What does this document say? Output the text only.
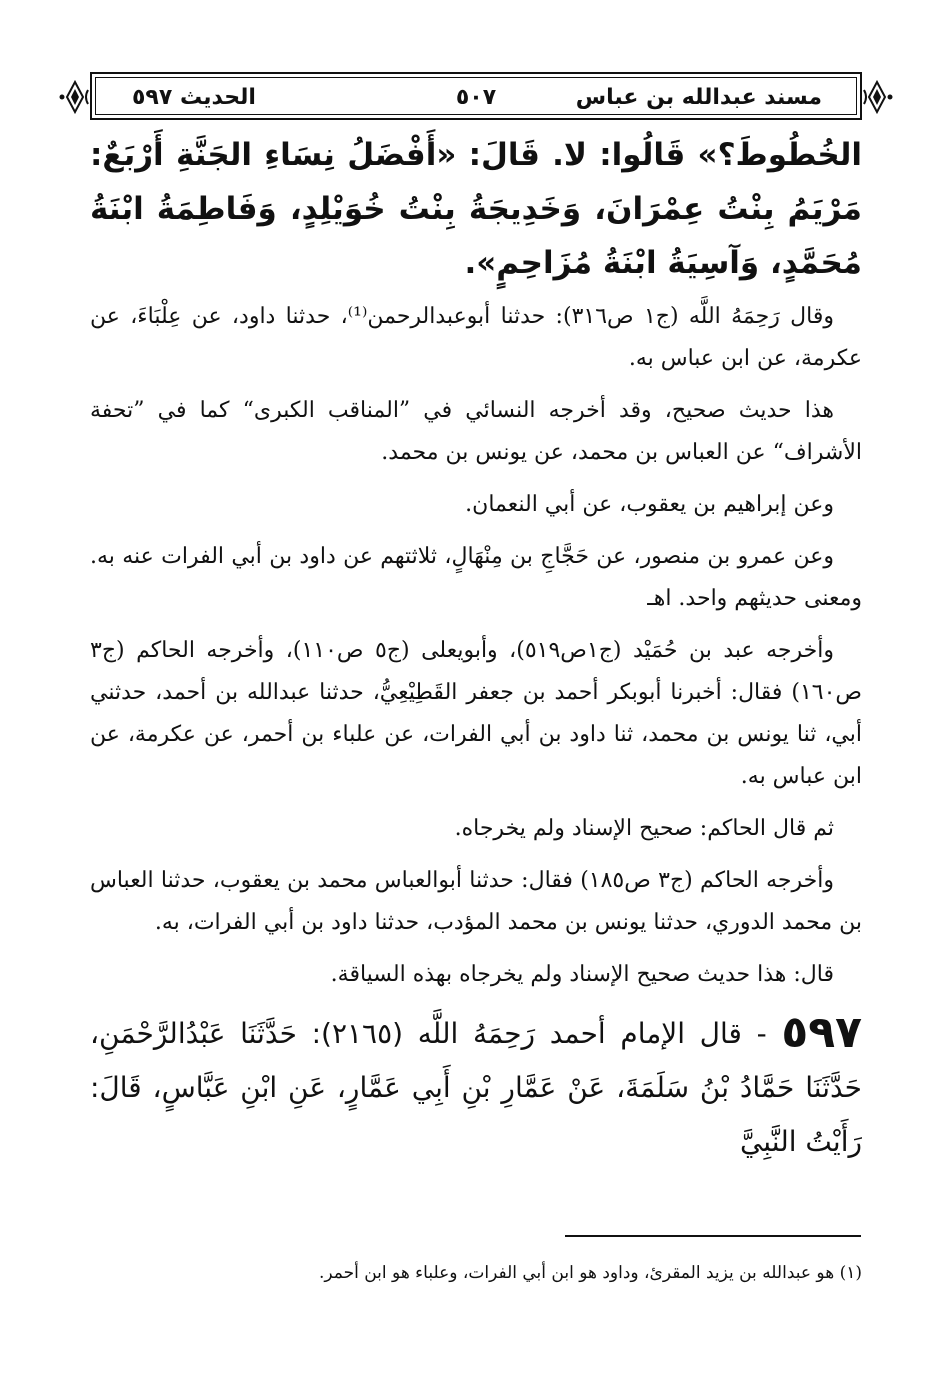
مسند عبدالله بن عباس
٥٠٧
الحديث ٥٩٧

الخُطُوطَ؟» قَالُوا: لا. قَالَ: «أَفْضَلُ نِسَاءِ الجَنَّةِ أَرْبَعٌ: مَرْيَمُ بِنْتُ عِمْرَانَ، وَخَدِيجَةُ بِنْتُ خُوَيْلِدٍ، وَفَاطِمَةُ ابْنَةُ مُحَمَّدٍ، وَآسِيَةُ ابْنَةُ مُزَاحِمٍ».

وقال رَحِمَهُ اللَّه (ج١ ص٣١٦): حدثنا أبوعبدالرحمن⁽¹⁾، حدثنا داود، عن عِلْبَاءَ، عن عكرمة، عن ابن عباس به.

هذا حديث صحيح، وقد أخرجه النسائي في ”المناقب الكبرى“ كما في ”تحفة الأشراف“ عن العباس بن محمد، عن يونس بن محمد.

وعن إبراهيم بن يعقوب، عن أبي النعمان.

وعن عمرو بن منصور، عن حَجَّاجِ بن مِنْهَالٍ، ثلاثتهم عن داود بن أبي الفرات عنه به. ومعنى حديثهم واحد. اهـ

وأخرجه عبد بن حُمَيْد (ج١ص٥١٩)، وأبويعلى (ج٥ ص١١٠)، وأخرجه الحاكم (ج٣ ص١٦٠) فقال: أخبرنا أبوبكر أحمد بن جعفر القَطِيْعِيُّ، حدثنا عبدالله بن أحمد، حدثني أبي، ثنا يونس بن محمد، ثنا داود بن أبي الفرات، عن علباء بن أحمر، عن عكرمة، عن ابن عباس به.

ثم قال الحاكم: صحيح الإسناد ولم يخرجاه.

وأخرجه الحاكم (ج٣ ص١٨٥) فقال: حدثنا أبوالعباس محمد بن يعقوب، حدثنا العباس بن محمد الدوري، حدثنا يونس بن محمد المؤدب، حدثنا داود بن أبي الفرات، به.

قال: هذا حديث صحيح الإسناد ولم يخرجاه بهذه السياقة.

٥٩٧ - قال الإمام أحمد رَحِمَهُ اللَّه (٢١٦٥): حَدَّثَنَا عَبْدُالرَّحْمَنِ، حَدَّثَنَا حَمَّادُ بْنُ سَلَمَةَ، عَنْ عَمَّارِ بْنِ أَبِي عَمَّارٍ، عَنِ ابْنِ عَبَّاسٍ، قَالَ: رَأَيْتُ النَّبِيَّ

(١) هو عبدالله بن يزيد المقرئ، وداود هو ابن أبي الفرات، وعلباء هو ابن أحمر.
